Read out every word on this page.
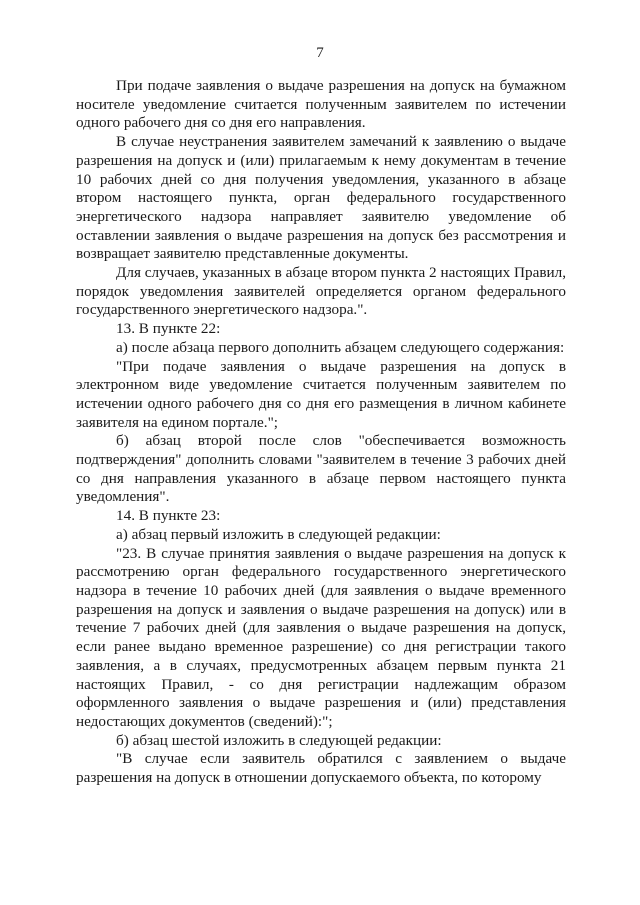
7

При подаче заявления о выдаче разрешения на допуск на бумажном носителе уведомление считается полученным заявителем по истечении одного рабочего дня со дня его направления.

В случае неустранения заявителем замечаний к заявлению о выдаче разрешения на допуск и (или) прилагаемым к нему документам в течение 10 рабочих дней со дня получения уведомления, указанного в абзаце втором настоящего пункта, орган федерального государственного энергетического надзора направляет заявителю уведомление об оставлении заявления о выдаче разрешения на допуск без рассмотрения и возвращает заявителю представленные документы.

Для случаев, указанных в абзаце втором пункта 2 настоящих Правил, порядок уведомления заявителей определяется органом федерального государственного энергетического надзора.".

13. В пункте 22:

а) после абзаца первого дополнить абзацем следующего содержания:

"При подаче заявления о выдаче разрешения на допуск в электронном виде уведомление считается полученным заявителем по истечении одного рабочего дня со дня его размещения в личном кабинете заявителя на едином портале.";

б) абзац второй после слов "обеспечивается возможность подтверждения" дополнить словами "заявителем в течение 3 рабочих дней со дня направления указанного в абзаце первом настоящего пункта уведомления".

14. В пункте 23:

а) абзац первый изложить в следующей редакции:

"23. В случае принятия заявления о выдаче разрешения на допуск к рассмотрению орган федерального государственного энергетического надзора в течение 10 рабочих дней (для заявления о выдаче временного разрешения на допуск и заявления о выдаче разрешения на допуск) или в течение 7 рабочих дней (для заявления о выдаче разрешения на допуск, если ранее выдано временное разрешение) со дня регистрации такого заявления, а в случаях, предусмотренных абзацем первым пункта 21 настоящих Правил, - со дня регистрации надлежащим образом оформленного заявления о выдаче разрешения и (или) представления недостающих документов (сведений):";

б) абзац шестой изложить в следующей редакции:

"В случае если заявитель обратился с заявлением о выдаче разрешения на допуск в отношении допускаемого объекта, по которому
